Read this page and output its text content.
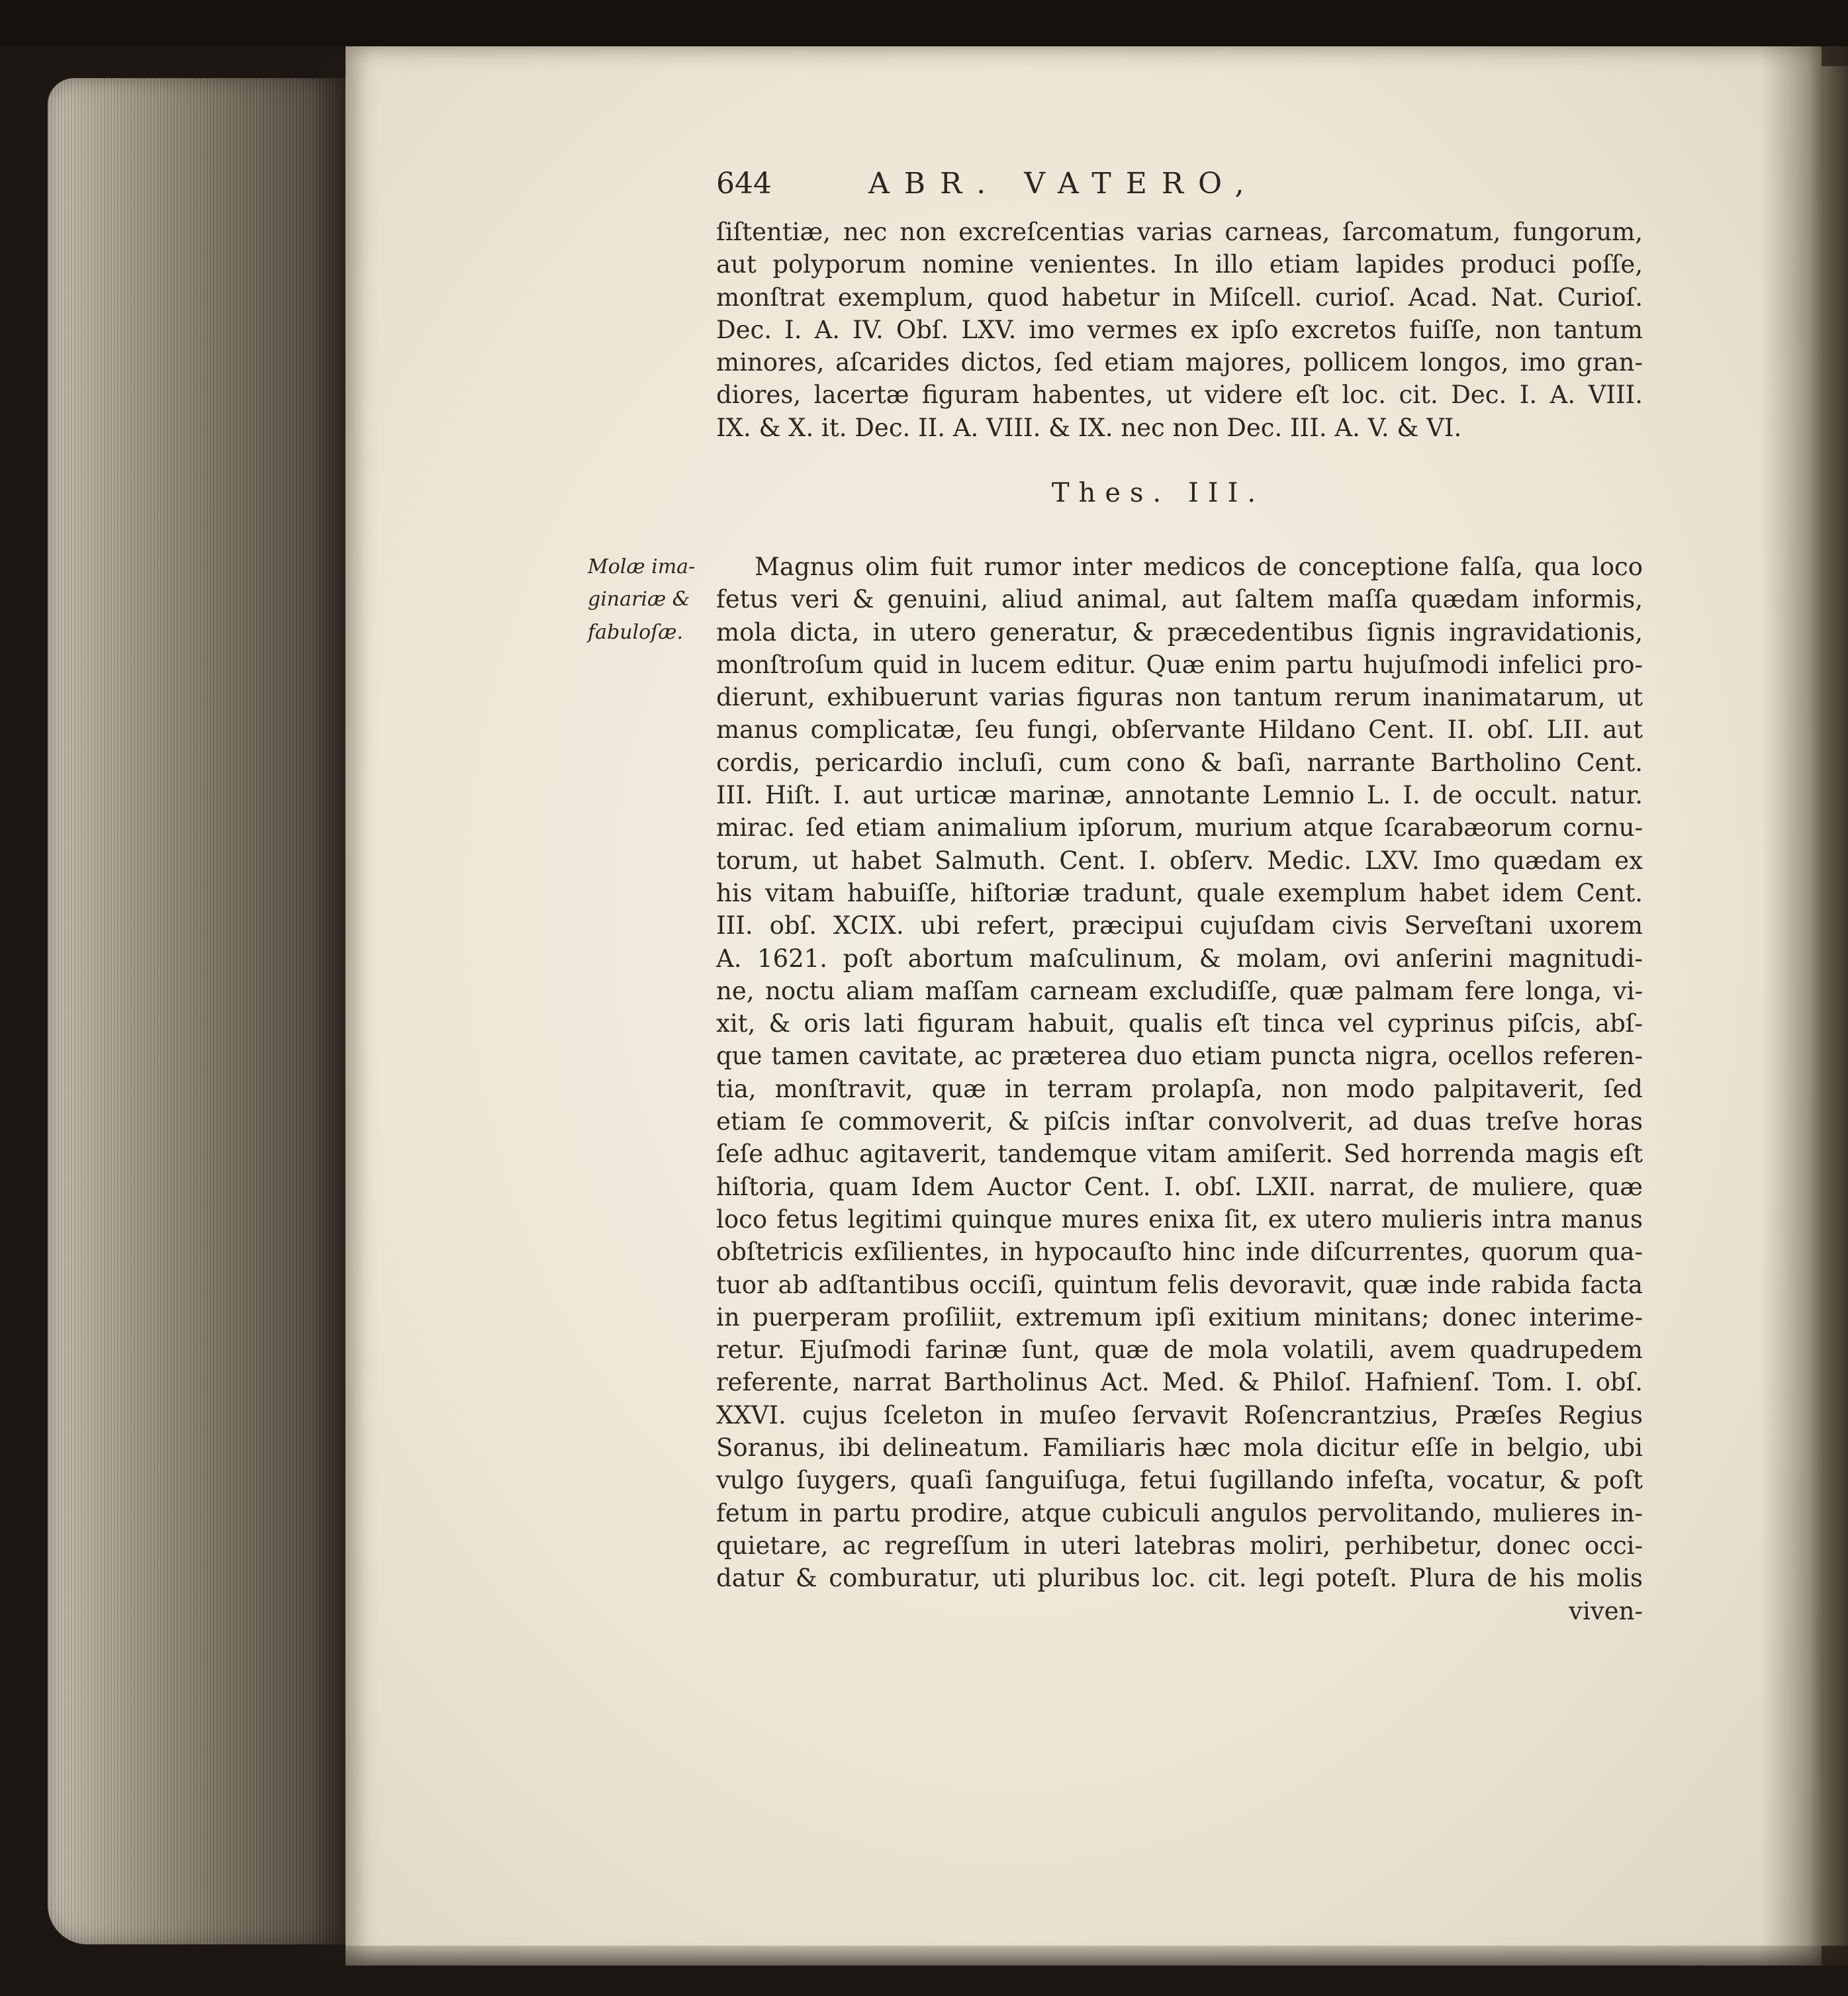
644	ABR. VATERO,
ſiſtentiæ, nec non excreſcentias varias carneas, ſarcomatum, fungorum,
aut polyporum nomine venientes. In illo etiam lapides produci poſſe,
monſtrat exemplum, quod habetur in Miſcell. curioſ. Acad. Nat. Curioſ.
Dec. I. A. IV. Obſ. LXV. imo vermes ex ipſo excretos fuiſſe, non tantum
minores, aſcarides dictos, ſed etiam majores, pollicem longos, imo gran-
diores, lacertæ figuram habentes, ut videre eſt loc. cit. Dec. I. A. VIII.
IX. & X. it. Dec. II. A. VIII. & IX. nec non Dec. III. A. V. & VI.
Thes. III.
Molæ ima-
ginariæ &
fabuloſæ.
Magnus olim fuit rumor inter medicos de conceptione falſa, qua loco
fetus veri & genuini, aliud animal, aut ſaltem maſſa quædam informis,
mola dicta, in utero generatur, & præcedentibus ſignis ingravidationis,
monſtroſum quid in lucem editur. Quæ enim partu hujuſmodi infelici pro-
dierunt, exhibuerunt varias figuras non tantum rerum inanimatarum, ut
manus complicatæ, ſeu fungi, obſervante Hildano Cent. II. obſ. LII. aut
cordis, pericardio incluſi, cum cono & baſi, narrante Bartholino Cent.
III. Hiſt. I. aut urticæ marinæ, annotante Lemnio L. I. de occult. natur.
mirac. ſed etiam animalium ipſorum, murium atque ſcarabæorum cornu-
torum, ut habet Salmuth. Cent. I. obſerv. Medic. LXV. Imo quædam ex
his vitam habuiſſe, hiſtoriæ tradunt, quale exemplum habet idem Cent.
III. obſ. XCIX. ubi refert, præcipui cujuſdam civis Serveſtani uxorem
A. 1621. poſt abortum maſculinum, & molam, ovi anſerini magnitudi-
ne, noctu aliam maſſam carneam excludiſſe, quæ palmam fere longa, vi-
xit, & oris lati figuram habuit, qualis eſt tinca vel cyprinus piſcis, abſ-
que tamen cavitate, ac præterea duo etiam puncta nigra, ocellos referen-
tia, monſtravit, quæ in terram prolapſa, non modo palpitaverit, ſed
etiam ſe commoverit, & piſcis inſtar convolverit, ad duas treſve horas
ſeſe adhuc agitaverit, tandemque vitam amiſerit. Sed horrenda magis eſt
hiſtoria, quam Idem Auctor Cent. I. obſ. LXII. narrat, de muliere, quæ
loco fetus legitimi quinque mures enixa ſit, ex utero mulieris intra manus
obſtetricis exſilientes, in hypocauſto hinc inde diſcurrentes, quorum qua-
tuor ab adſtantibus occiſi, quintum felis devoravit, quæ inde rabida facta
in puerperam proſiliit, extremum ipſi exitium minitans; donec interime-
retur. Ejuſmodi farinæ ſunt, quæ de mola volatili, avem quadrupedem
referente, narrat Bartholinus Act. Med. & Philoſ. Hafnienſ. Tom. I. obſ.
XXVI. cujus ſceleton in muſeo ſervavit Roſencrantzius, Præſes Regius
Soranus, ibi delineatum. Familiaris hæc mola dicitur eſſe in belgio, ubi
vulgo ſuygers, quaſi ſanguiſuga, fetui ſugillando infeſta, vocatur, & poſt
fetum in partu prodire, atque cubiculi angulos pervolitando, mulieres in-
quietare, ac regreſſum in uteri latebras moliri, perhibetur, donec occi-
datur & comburatur, uti pluribus loc. cit. legi poteſt. Plura de his molis
viven-
